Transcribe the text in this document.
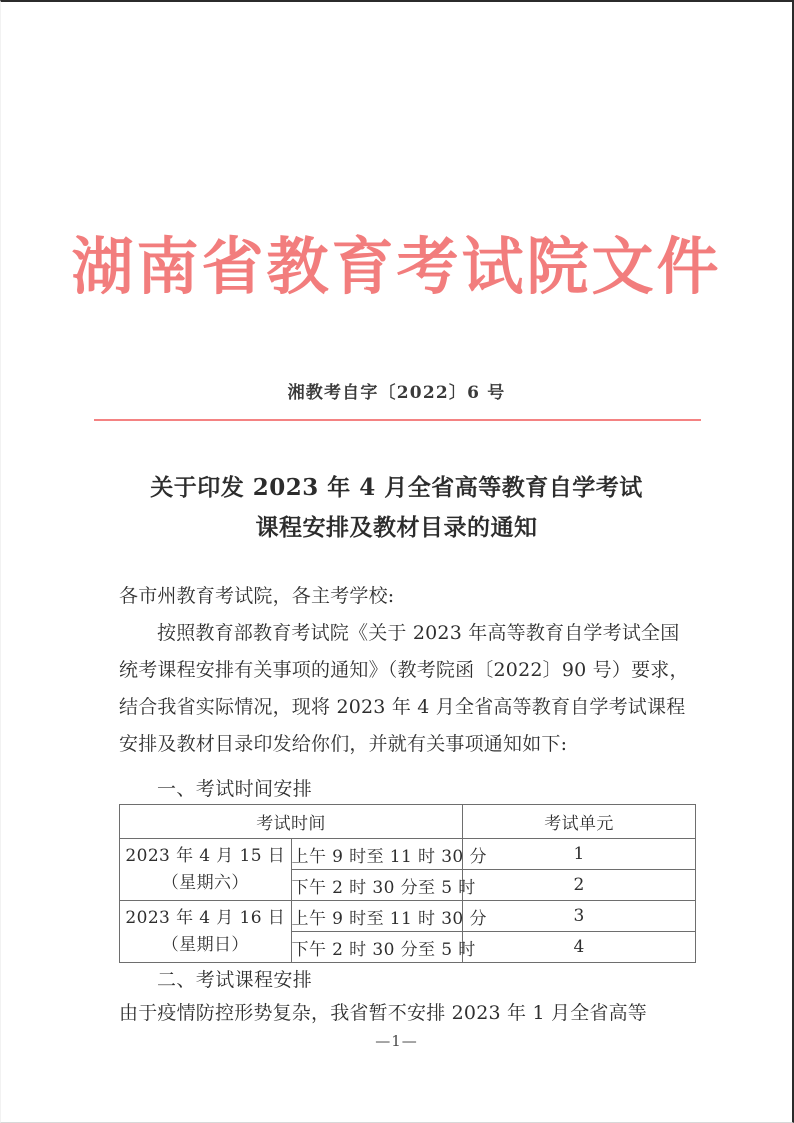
湖南省教育考试院文件
湘教考自字〔2022〕6 号
关于印发 2023 年 4 月全省高等教育自学考试
课程安排及教材目录的通知
各市州教育考试院，各主考学校:
按照教育部教育考试院《关于 2023 年高等教育自学考试全国
统考课程安排有关事项的通知》（教考院函〔2022〕90 号）要求，
结合我省实际情况，现将 2023 年 4 月全省高等教育自学考试课程
安排及教材目录印发给你们，并就有关事项通知如下:
一、考试时间安排
考试时间		考试单元
2023 年 4 月 15 日
（星期六）	上午 9 时至 11 时 30 分	1
	下午 2 时 30 分至 5 时	2
2023 年 4 月 16 日
（星期日）	上午 9 时至 11 时 30 分	3
	下午 2 时 30 分至 5 时	4
二、考试课程安排
由于疫情防控形势复杂，我省暂不安排 2023 年 1 月全省高等
—1—
